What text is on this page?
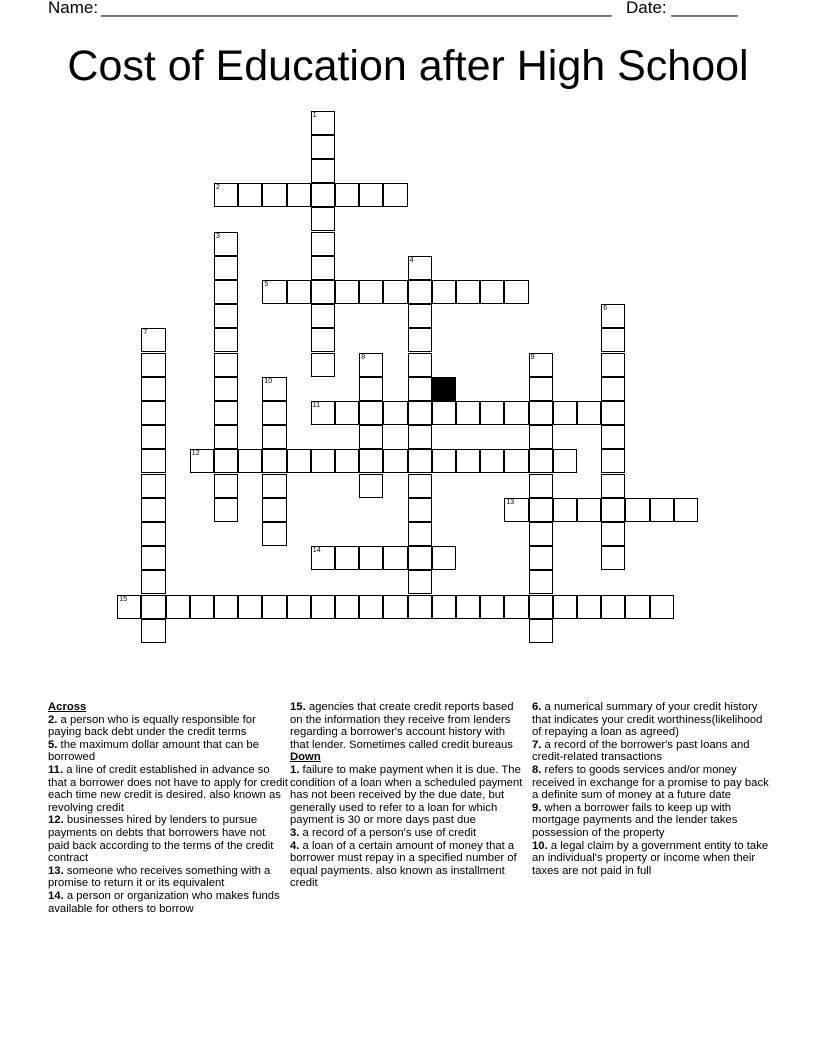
Name: ______________________________________________________ Date: _______
Cost of Education after High School
1
2
3
4
5
6
7
8	9
10
11
12
13
14
15
Across

2. a person who is equally responsible for paying back debt under the credit terms

5. the maximum dollar amount that can be borrowed

11. a line of credit established in advance so that a borrower does not have to apply for credit each time new credit is desired. also known as revolving credit

12. businesses hired by lenders to pursue payments on debts that borrowers have not paid back according to the terms of the credit contract

13. someone who receives something with a promise to return it or its equivalent

14. a person or organization who makes funds available for others to borrow

15. agencies that create credit reports based on the information they receive from lenders regarding a borrower's account history with that lender. Sometimes called credit bureaus

Down

1. failure to make payment when it is due. The condition of a loan when a scheduled payment has not been received by the due date, but generally used to refer to a loan for which payment is 30 or more days past due

3. a record of a person's use of credit

4. a loan of a certain amount of money that a borrower must repay in a specified number of equal payments. also known as installment credit

6. a numerical summary of your credit history that indicates your credit worthiness(likelihood of repaying a loan as agreed)

7. a record of the borrower's past loans and credit-related transactions

8. refers to goods services and/or money received in exchange for a promise to pay back a definite sum of money at a future date

9. when a borrower fails to keep up with mortgage payments and the lender takes possession of the property

10. a legal claim by a government entity to take an individual's property or income when their taxes are not paid in full
